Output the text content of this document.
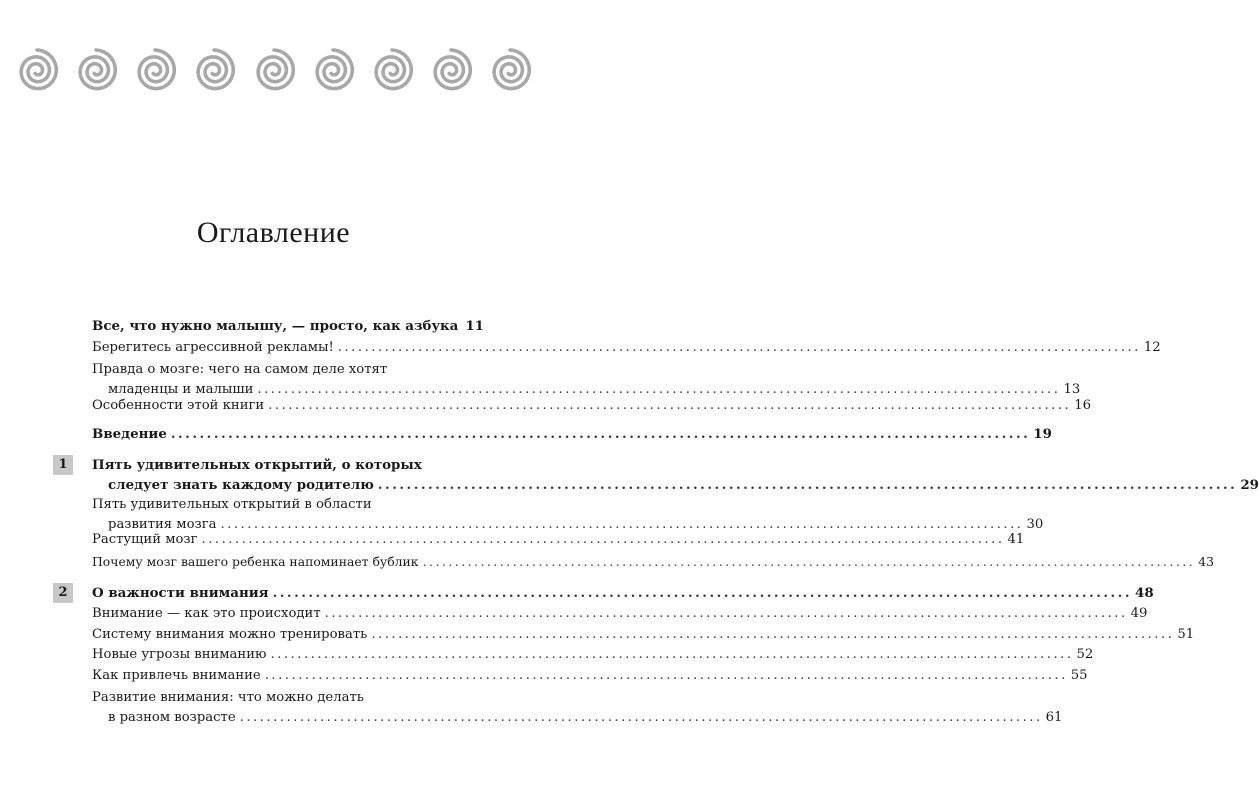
Оглавление
Все, что нужно малышу, — просто, как азбука 11
Берегитесь агрессивной рекламы! ........................................................................................................................ 12
Правда о мозге: чего на самом деле хотят
младенцы и малыши ........................................................................................................................ 13
Особенности этой книги ........................................................................................................................ 16
Введение ........................................................................................................................ 19
1	Пять удивительных открытий, о которых
следует знать каждому родителю ........................................................................................................................ 29
Пять удивительных открытий в области
развития мозга ........................................................................................................................ 30
Растущий мозг ........................................................................................................................ 41
Почему мозг вашего ребенка напоминает бублик ........................................................................................................................ 43
2	О важности внимания ........................................................................................................................ 48
Внимание — как это происходит ........................................................................................................................ 49
Систему внимания можно тренировать ........................................................................................................................ 51
Новые угрозы вниманию ........................................................................................................................ 52
Как привлечь внимание ........................................................................................................................ 55
Развитие внимания: что можно делать
в разном возрасте ........................................................................................................................ 61
